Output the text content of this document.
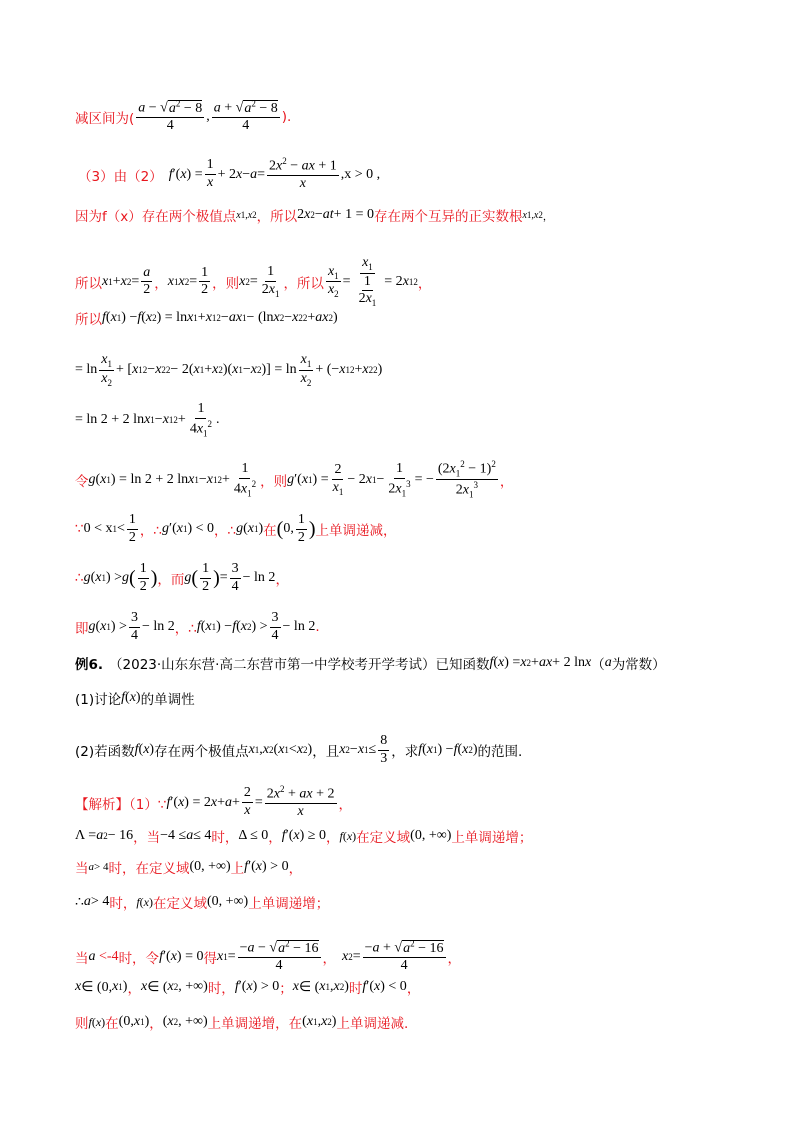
减区间为( $\frac{a - √a^2 - 8}{4}$ , $\frac{a + √a^2 - 8}{4}$ ).
（3）由（2） f ′( x ) = $\frac{1}{x} + 2$ $x - a = \frac{2x^2 - ax + 1}{x} ,x > 0$ ,
因为f（x）存在两个极值点 x 1 , x 2 ，所以 2 x 2 − at + 1 = 0 存在两个互异的正实数根 x 1 , x 2 ，
所以 x 1 + x $2 = \frac{a}{2}$ ， x 1 x $2 = \frac{1}{2}$ ，则 x $2 = \frac{1}{2x_1}$ ，所以 $\frac{x_1}{x_2} = \frac{x_1}{\frac{1}{2x_1}} = 2$ x 1 2 ，
所以 f ( x 1 ) − f ( x 2 ) = ln x 1 + x 1 2 − ax 1 − (ln x 2 − x 2 2 + ax 2 )
= $\ln \frac{x_1}{x_2}$ + [ x 1 2 − x 2 2 − 2( x 1 + x 2 )( x 1 − x 2 )] = $\ln \frac{x_1}{x_2}$ + (− x 1 2 + x 2 2 )
= ln 2 + 2 ln x 1 − x 1 $2 + \frac{1}{4x_1^2}$ .
令 g ( x 1 ) = ln 2 + 2 ln x 1 − x 1 $2 + \frac{1}{4x_1^2}$ ，则 g ′( x 1 ) = $\frac{2}{x_1} - 2$ x $1 - \frac{1}{2x_1^3}$ = − $\frac{(2x_1^2 - 1)^2}{2x_1^3}$ ，
∵ 0 < x $1 < \frac{1}{2}$ ，∴ g ′( x 1 ) < 0 ，∴ g ( x 1 ) 在 ( 0, $\frac{1}{2}$ ) 上单调递减，
∴ g ( x 1 ) > g ( $\frac{1}{2}$ ) ，而 g ( $\frac{1}{2}$ ) = $\frac{3}{4} - \ln 2$ ，
即 g ( x 1 ) > $\frac{3}{4} - \ln 2$ ，∴ f ( x 1 ) − f ( x 2 ) > $\frac{3}{4} - \ln 2$ .
例6. （2023·山东东营·高二东营市第一中学校考开学考试）已知函数 f ( x ) = x 2 + ax + 2 ln x （ a 为常数）
(1)讨论 f ( x ) 的单调性
(2)若函数 f ( x ) 存在两个极值点 x 1 , x 2 ( x 1 < x 2 ) ，且 x 2 − x $1 \le \frac{8}{3}$ ，求 f ( x 1 ) − f ( x 2 ) 的范围.
【解析】（1）∵ f ′( x ) = 2 $x + a + \frac{2}{x} = \frac{2x^2 + ax + 2}{x}$ ，
Λ = a 2 − 16 ，当 −4 ≤ a ≤ 4 时， Δ ≤ 0 ， f ′( x ) ≥ 0 ， f ( x ) 在定义域 (0, +∞) 上单调递增；
当 a > 4 时，在定义域 (0, +∞) 上 f ′( x ) > 0 ，
∴ a > 4 时， f ( x ) 在定义域 (0, +∞) 上单调递增；
当 a <-4 时，令 f ′( x ) = 0 得 x $1 = \frac{-a - √a^2 - 16}{4}$ ， x $2 = \frac{-a + √a^2 - 16}{4}$ ，
x ∈ (0, x 1 ) ， x ∈ ( x 2 , +∞) 时， f ′( x ) > 0 ； x ∈ ( x 1 , x 2 ) 时 f ′( x ) < 0 ，
则 f ( x ) 在 (0, x 1 ) ， ( x 2 , +∞) 上单调递增，在 ( x 1 , x 2 ) 上单调递减.
